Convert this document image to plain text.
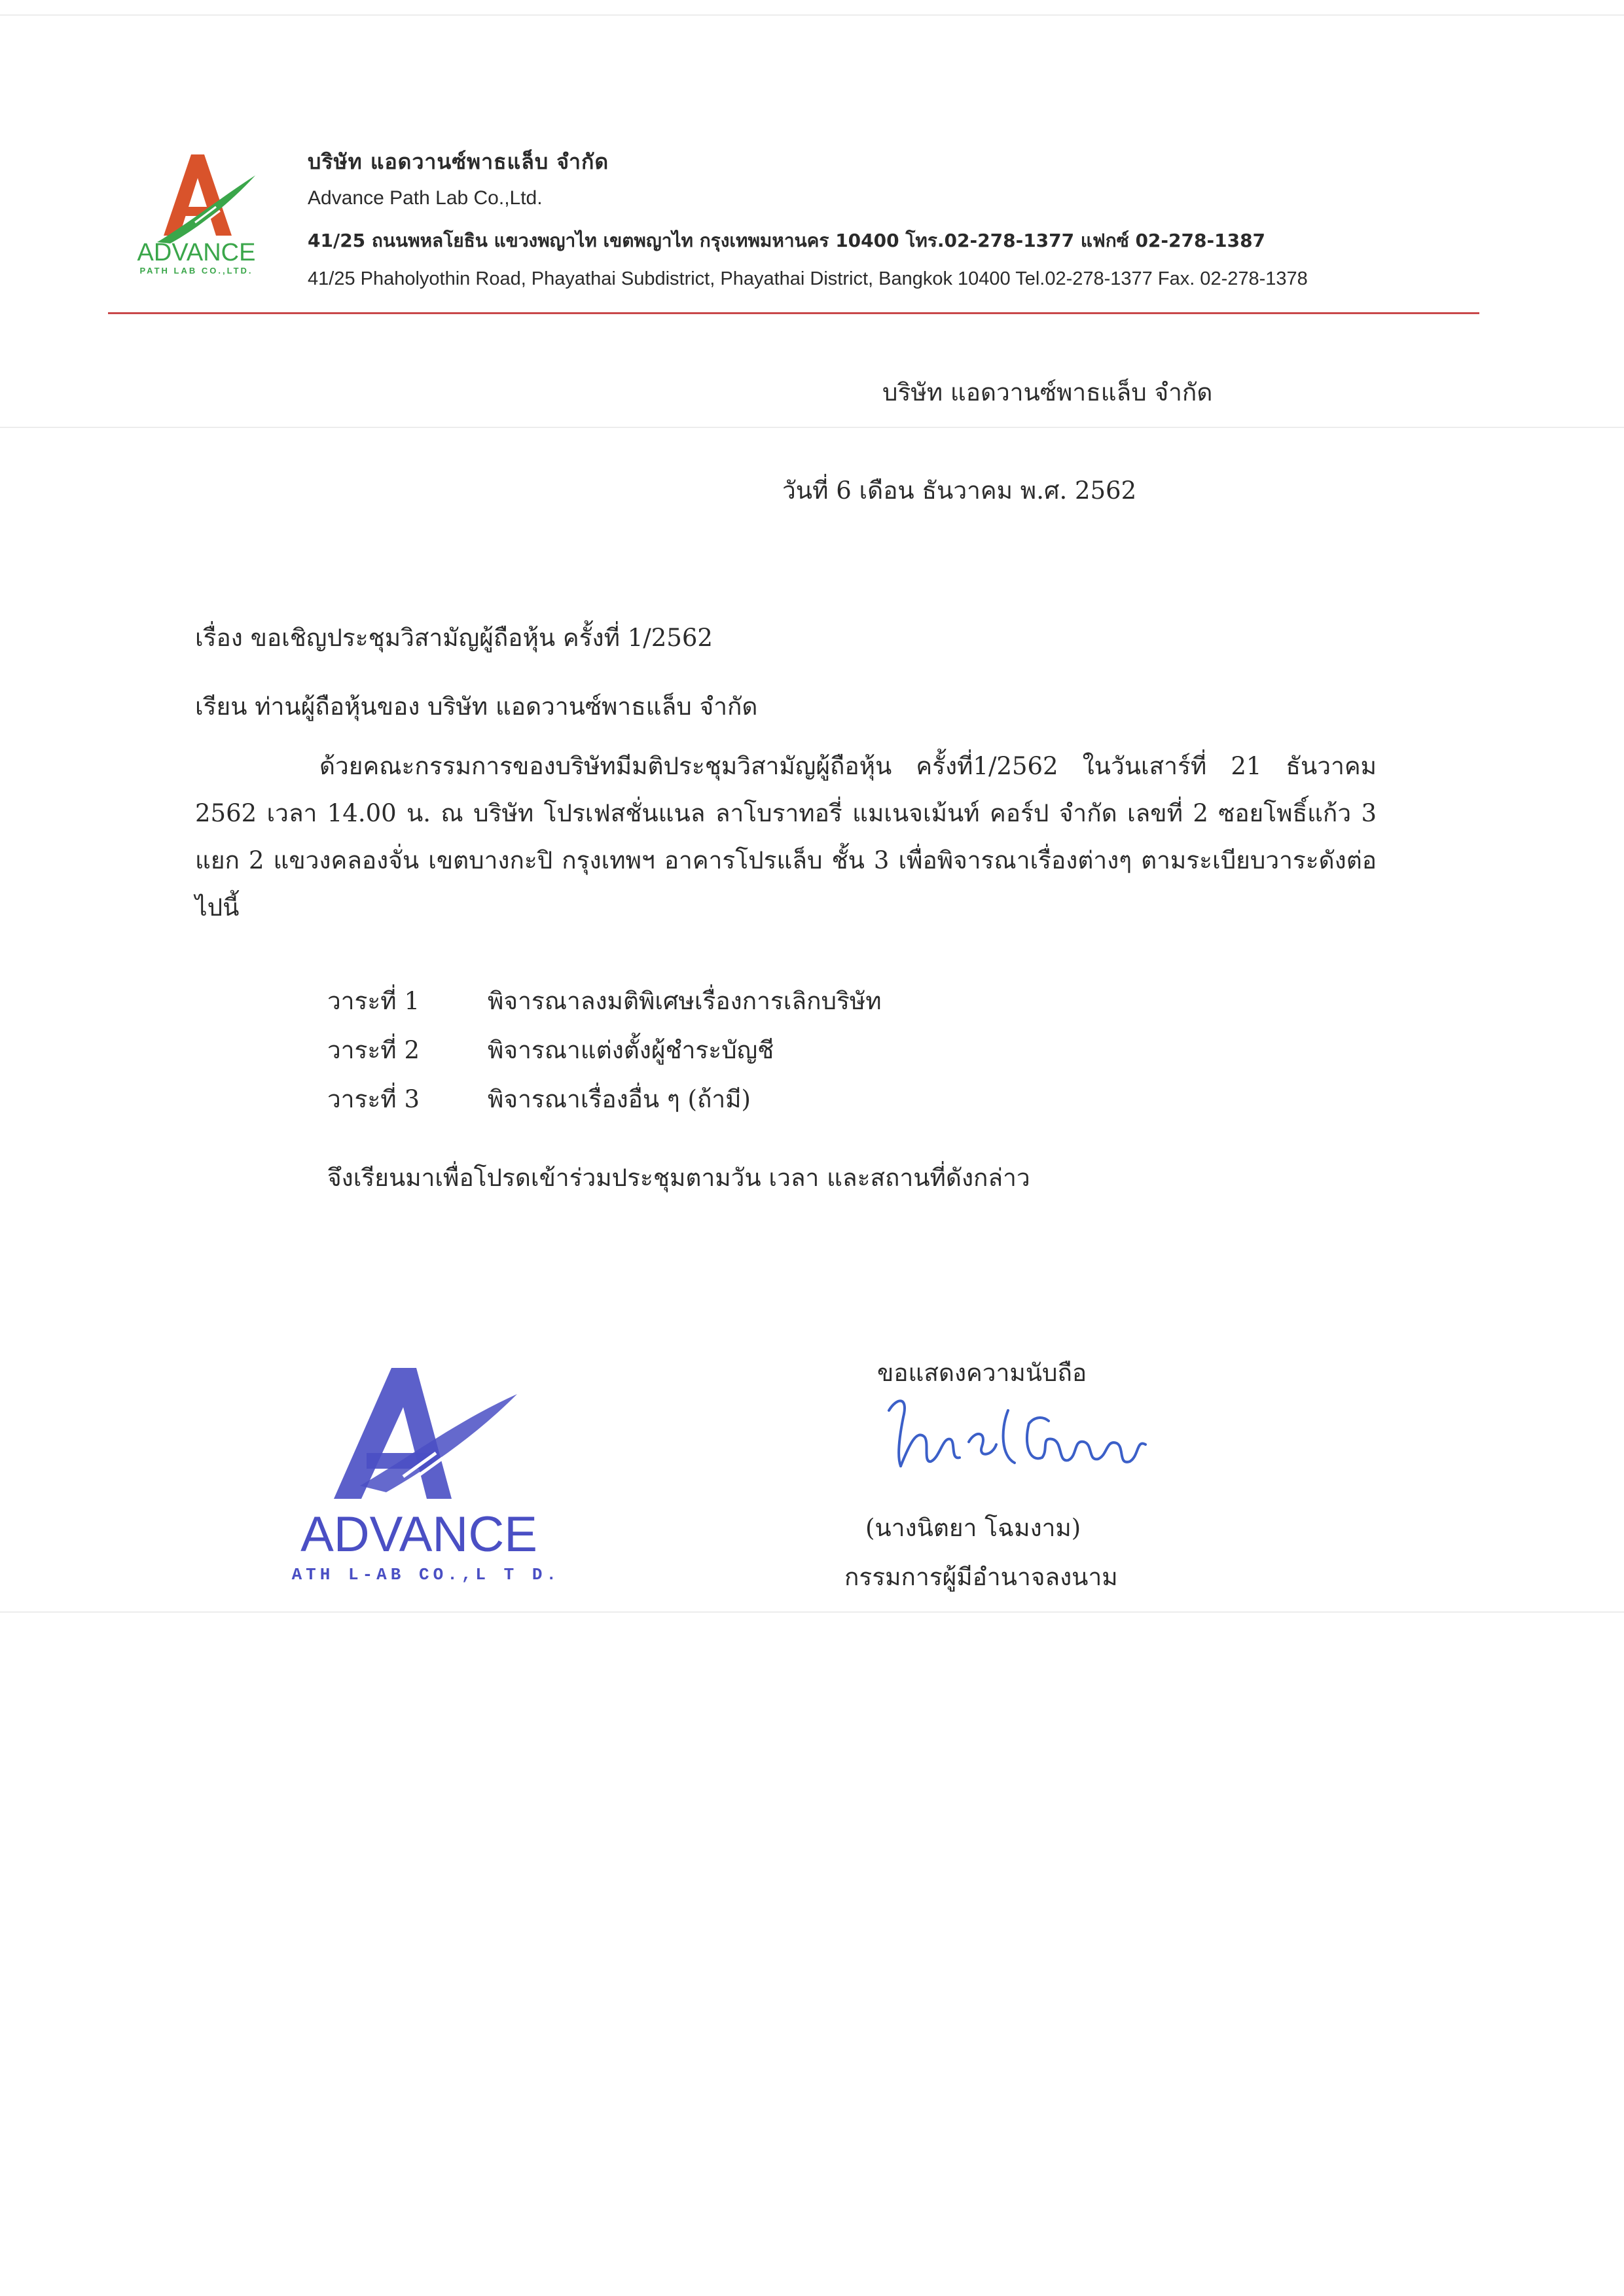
ADVANCE
PATH LAB CO.,LTD.
บริษัท แอดวานซ์พาธแล็บ จำกัด
Advance Path Lab Co.,Ltd.
41/25 ถนนพหลโยธิน แขวงพญาไท เขตพญาไท กรุงเทพมหานคร 10400 โทร.02-278-1377 แฟกซ์ 02-278-1387
41/25 Phaholyothin Road, Phayathai Subdistrict, Phayathai District, Bangkok 10400 Tel.02-278-1377 Fax. 02-278-1378
บริษัท แอดวานซ์พาธแล็บ จำกัด
วันที่ 6 เดือน ธันวาคม พ.ศ. 2562
เรื่อง ขอเชิญประชุมวิสามัญผู้ถือหุ้น ครั้งที่ 1/2562
เรียน ท่านผู้ถือหุ้นของ บริษัท แอดวานซ์พาธแล็บ จำกัด
ด้วยคณะกรรมการของบริษัทมีมติประชุมวิสามัญผู้ถือหุ้น ครั้งที่1/2562 ในวันเสาร์ที่ 21 ธันวาคม 2562 เวลา 14.00 น. ณ บริษัท โปรเฟสชั่นแนล ลาโบราทอรี่ แมเนจเม้นท์ คอร์ป จำกัด เลขที่ 2 ซอยโพธิ์แก้ว 3 แยก 2 แขวงคลองจั่น เขตบางกะปิ กรุงเทพฯ อาคารโปรแล็บ ชั้น 3 เพื่อพิจารณาเรื่องต่างๆ ตามระเบียบวาระดังต่อไปนี้
วาระที่ 1	พิจารณาลงมติพิเศษเรื่องการเลิกบริษัท
วาระที่ 2	พิจารณาแต่งตั้งผู้ชำระบัญชี
วาระที่ 3	พิจารณาเรื่องอื่น ๆ (ถ้ามี)
จึงเรียนมาเพื่อโปรดเข้าร่วมประชุมตามวัน เวลา และสถานที่ดังกล่าว
ขอแสดงความนับถือ
(นางนิตยา โฉมงาม)
กรรมการผู้มีอำนาจลงนาม
ADVANCE
PATH L-AB CO.,L T D.
